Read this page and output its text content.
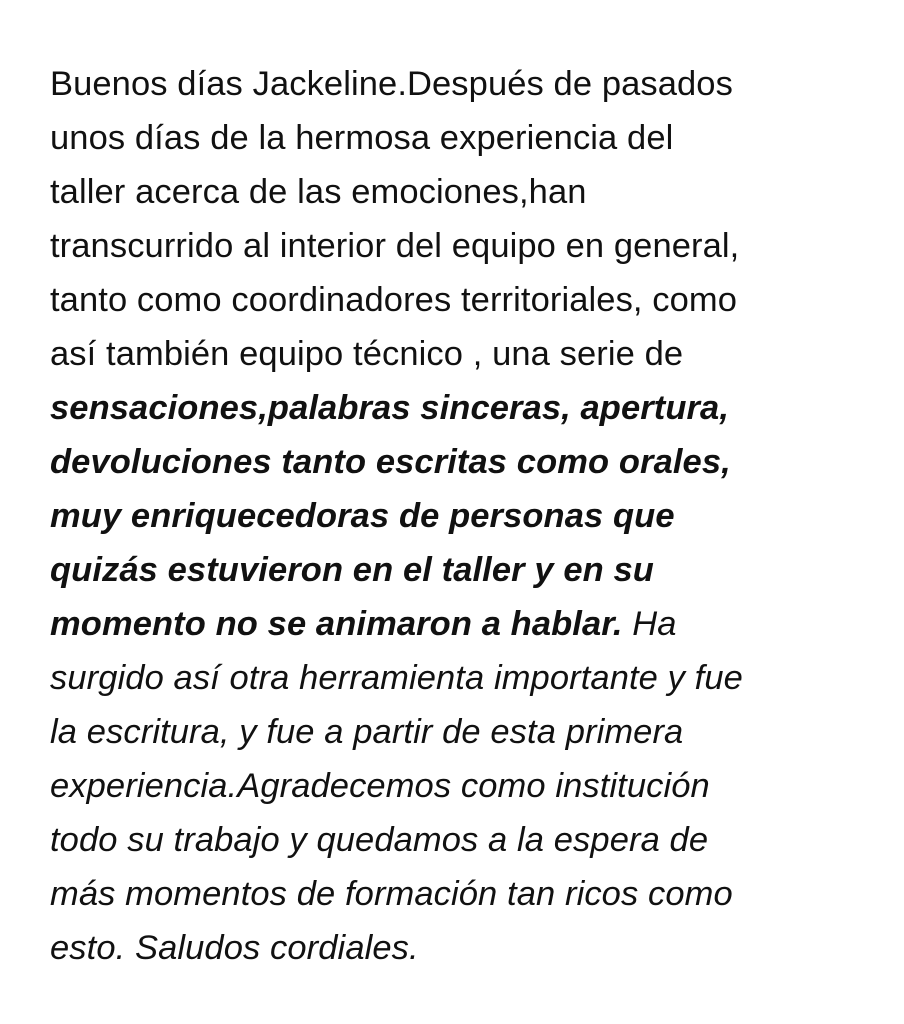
Buenos días Jackeline.Después de pasados
unos días de la hermosa experiencia del
taller acerca de las emociones,han
transcurrido al interior del equipo en general,
tanto como coordinadores territoriales, como
así también equipo técnico , una serie de
sensaciones,palabras sinceras, apertura,
devoluciones tanto escritas como orales,
muy enriquecedoras de personas que
quizás estuvieron en el taller y en su
momento no se animaron a hablar. Ha
surgido así otra herramienta importante y fue
la escritura, y fue a partir de esta primera
experiencia.Agradecemos como institución
todo su trabajo y quedamos a la espera de
más momentos de formación tan ricos como
esto. Saludos cordiales.
